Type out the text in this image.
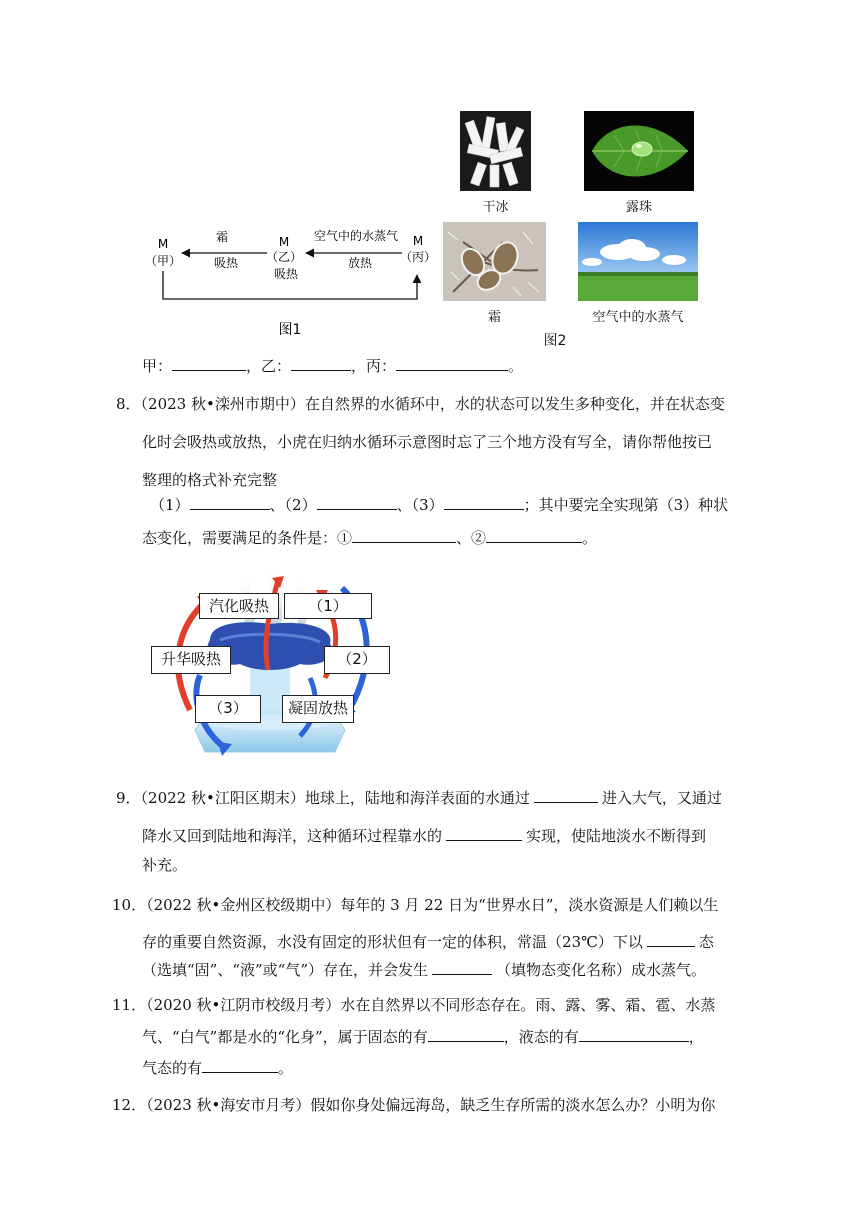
M
（甲）
M
（乙）
吸热
M
（丙）
霜
吸热
空气中的水蒸气
放热
图1
干冰	露珠
霜	空气中的水蒸气
图2
甲：	，乙：	，丙：	。
8．（2023 秋•滦州市期中）在自然界的水循环中，水的状态可以发生多种变化，并在状态变
化时会吸热或放热，小虎在归纳水循环示意图时忘了三个地方没有写全，请你帮他按已
整理的格式补充完整
（1）	、（2）	、（3）	；其中要完全实现第（3）种状
态变化，需要满足的条件是：①	、②	。
汽化吸热	（1）
升华吸热	（2）
（3）	凝固放热
9．（2022 秋•江阳区期末）地球上，陆地和海洋表面的水通过	进入大气，又通过
降水又回到陆地和海洋，这种循环过程靠水的	实现，使陆地淡水不断得到
补充。
10．（2022 秋•金州区校级期中）每年的 3 月 22 日为“世界水日”，淡水资源是人们赖以生
存的重要自然资源，水没有固定的形状但有一定的体积，常温（23℃）下以	态
（选填“固”、“液”或“气”）存在，并会发生	（填物态变化名称）成水蒸气。
11．（2020 秋•江阴市校级月考）水在自然界以不同形态存在。雨、露、雾、霜、雹、水蒸
气、“白气”都是水的“化身”，属于固态的有	，液态的有	，
气态的有	。
12．（2023 秋•海安市月考）假如你身处偏远海岛，缺乏生存所需的淡水怎么办？小明为你
